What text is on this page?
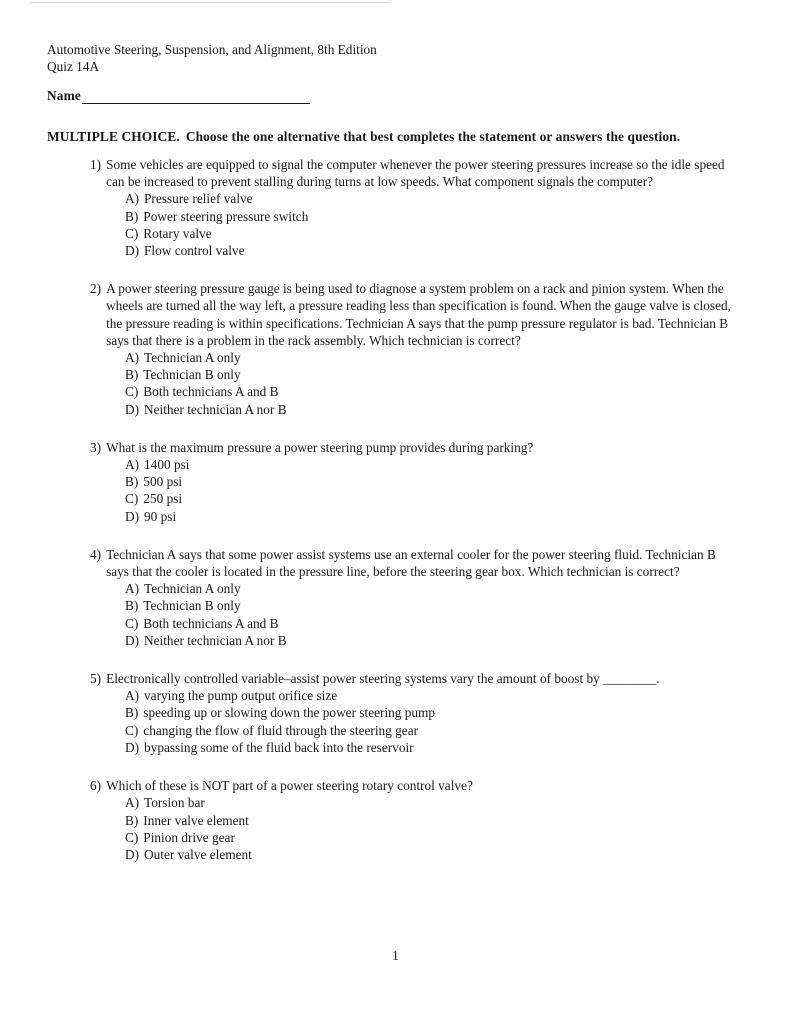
Automotive Steering, Suspension, and Alignment, 8th Edition
Quiz 14A
Name
MULTIPLE CHOICE. Choose the one alternative that best completes the statement or answers the question.
1) Some vehicles are equipped to signal the computer whenever the power steering pressures increase so the idle speed can be increased to prevent stalling during turns at low speeds. What component signals the computer?
A) Pressure relief valve
B) Power steering pressure switch
C) Rotary valve
D) Flow control valve
2) A power steering pressure gauge is being used to diagnose a system problem on a rack and pinion system. When the wheels are turned all the way left, a pressure reading less than specification is found. When the gauge valve is closed, the pressure reading is within specifications. Technician A says that the pump pressure regulator is bad. Technician B says that there is a problem in the rack assembly. Which technician is correct?
A) Technician A only
B) Technician B only
C) Both technicians A and B
D) Neither technician A nor B
3) What is the maximum pressure a power steering pump provides during parking?
A) 1400 psi
B) 500 psi
C) 250 psi
D) 90 psi
4) Technician A says that some power assist systems use an external cooler for the power steering fluid. Technician B says that the cooler is located in the pressure line, before the steering gear box. Which technician is correct?
A) Technician A only
B) Technician B only
C) Both technicians A and B
D) Neither technician A nor B
5) Electronically controlled variable–assist power steering systems vary the amount of boost by ________.
A) varying the pump output orifice size
B) speeding up or slowing down the power steering pump
C) changing the flow of fluid through the steering gear
D) bypassing some of the fluid back into the reservoir
6) Which of these is NOT part of a power steering rotary control valve?
A) Torsion bar
B) Inner valve element
C) Pinion drive gear
D) Outer valve element
1
